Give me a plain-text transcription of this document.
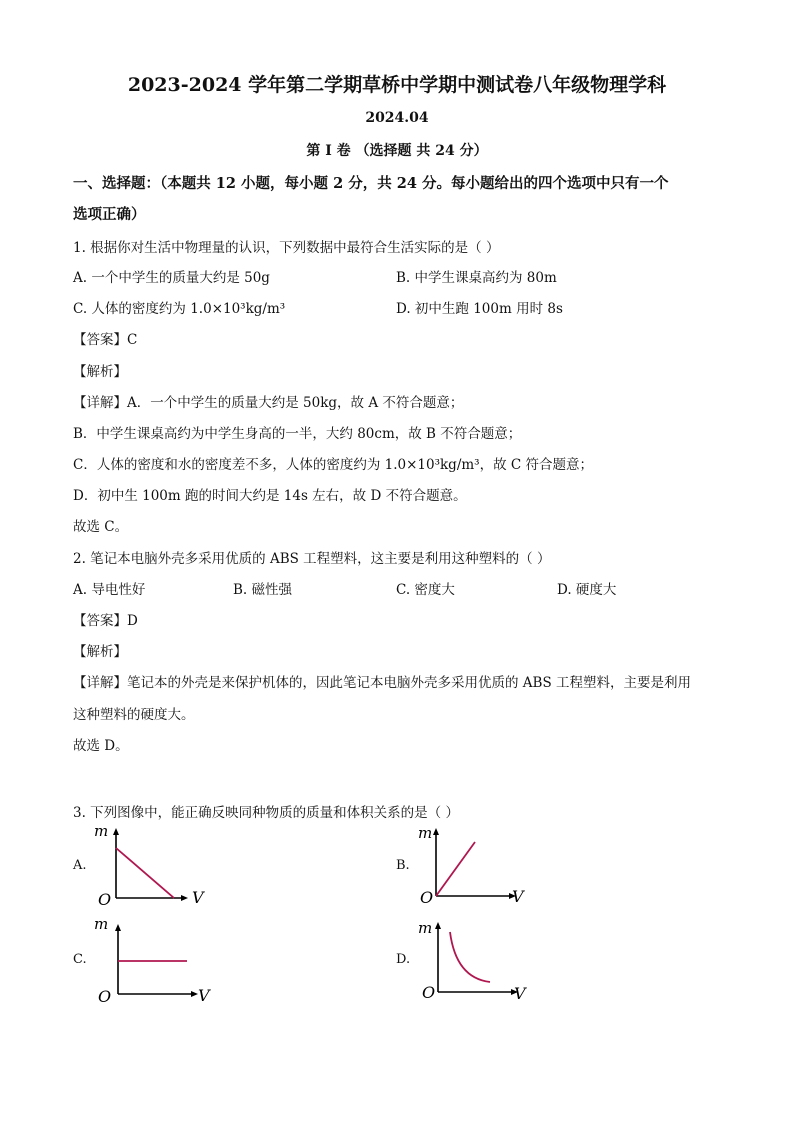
2023-2024 学年第二学期草桥中学期中测试卷八年级物理学科
2024.04
第 I 卷 （选择题 共 24 分）
一、选择题：（本题共 12 小题，每小题 2 分，共 24 分。每小题给出的四个选项中只有一个
选项正确）
1. 根据你对生活中物理量的认识，下列数据中最符合生活实际的是（ ）
A. 一个中学生的质量大约是 50g	B. 中学生课桌高约为 80m
C. 人体的密度约为 1.0×10³kg/m³	D. 初中生跑 100m 用时 8s
【答案】C
【解析】
【详解】A．一个中学生的质量大约是 50kg，故 A 不符合题意；
B．中学生课桌高约为中学生身高的一半，大约 80cm，故 B 不符合题意；
C．人体的密度和水的密度差不多，人体的密度约为 1.0×10³kg/m³，故 C 符合题意；
D．初中生 100m 跑的时间大约是 14s 左右，故 D 不符合题意。
故选 C。
2. 笔记本电脑外壳多采用优质的 ABS 工程塑料，这主要是利用这种塑料的（ ）
A. 导电性好	B. 磁性强	C. 密度大	D. 硬度大
【答案】D
【解析】
【详解】笔记本的外壳是来保护机体的，因此笔记本电脑外壳多采用优质的 ABS 工程塑料，主要是利用
这种塑料的硬度大。
故选 D。
3. 下列图像中，能正确反映同种物质的质量和体积关系的是（ ）
A.
m
V
O
B.
m
V
O
C.
m
V
O
D.
m
V
O
